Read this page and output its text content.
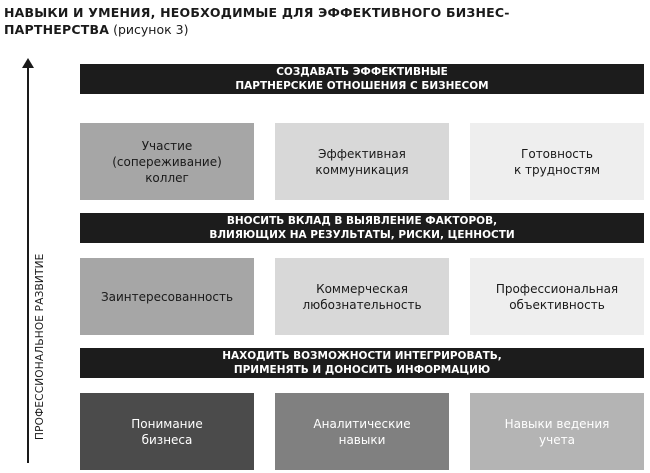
НАВЫКИ И УМЕНИЯ, НЕОБХОДИМЫЕ ДЛЯ ЭФФЕКТИВНОГО БИЗНЕС-ПАРТНЕРСТВА (рисунок 3)
ПРОФЕССИОНАЛЬНОЕ РАЗВИТИЕ
СОЗДАВАТЬ ЭФФЕКТИВНЫЕ
ПАРТНЕРСКИЕ ОТНОШЕНИЯ С БИЗНЕСОМ
Участие
(сопереживание)
коллег
Эффективная
коммуникация
Готовность
к трудностям
ВНОСИТЬ ВКЛАД В ВЫЯВЛЕНИЕ ФАКТОРОВ,
ВЛИЯЮЩИХ НА РЕЗУЛЬТАТЫ, РИСКИ, ЦЕННОСТИ
Заинтересованность
Коммерческая
любознательность
Профессиональная
объективность
НАХОДИТЬ ВОЗМОЖНОСТИ ИНТЕГРИРОВАТЬ,
ПРИМЕНЯТЬ И ДОНОСИТЬ ИНФОРМАЦИЮ
Понимание
бизнеса
Аналитические
навыки
Навыки ведения
учета
